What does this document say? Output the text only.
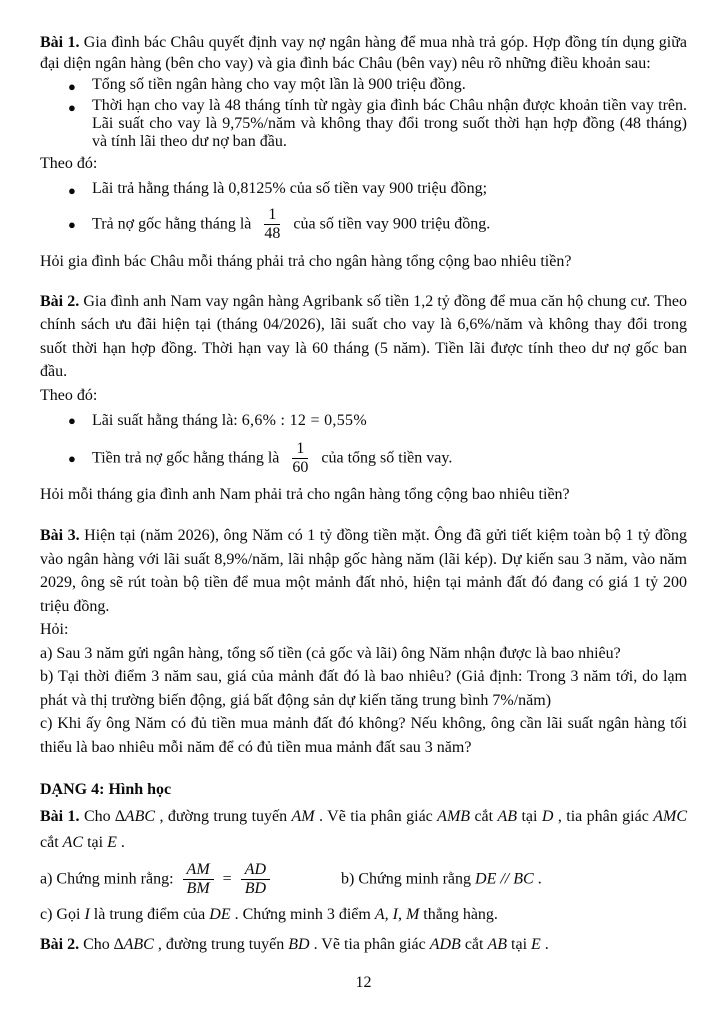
Bài 1. Gia đình bác Châu quyết định vay nợ ngân hàng để mua nhà trả góp. Hợp đồng tín dụng giữa đại diện ngân hàng (bên cho vay) và gia đình bác Châu (bên vay) nêu rõ những điều khoản sau:

●	Tổng số tiền ngân hàng cho vay một lần là 900 triệu đồng.

●	Thời hạn cho vay là 48 tháng tính từ ngày gia đình bác Châu nhận được khoản tiền vay trên. Lãi suất cho vay là 9,75%/năm và không thay đổi trong suốt thời hạn hợp đồng (48 tháng) và tính lãi theo dư nợ ban đầu.

Theo đó:

●	Lãi trả hằng tháng là 0,8125% của số tiền vay 900 triệu đồng;

●	Trả nợ gốc hằng tháng là $\frac{1}{48}$ của số tiền vay 900 triệu đồng.

Hỏi gia đình bác Châu mỗi tháng phải trả cho ngân hàng tổng cộng bao nhiêu tiền?

Bài 2. Gia đình anh Nam vay ngân hàng Agribank số tiền 1,2 tỷ đồng để mua căn hộ chung cư. Theo chính sách ưu đãi hiện tại (tháng 04/2026), lãi suất cho vay là 6,6%/năm và không thay đổi trong suốt thời hạn hợp đồng. Thời hạn vay là 60 tháng (5 năm). Tiền lãi được tính theo dư nợ gốc ban đầu.

Theo đó:

●	Lãi suất hằng tháng là: 6,6% : 12 = 0,55%

●	Tiền trả nợ gốc hằng tháng là $\frac{1}{60}$ của tổng số tiền vay.

Hỏi mỗi tháng gia đình anh Nam phải trả cho ngân hàng tổng cộng bao nhiêu tiền?

Bài 3. Hiện tại (năm 2026), ông Năm có 1 tỷ đồng tiền mặt. Ông đã gửi tiết kiệm toàn bộ 1 tỷ đồng vào ngân hàng với lãi suất 8,9%/năm, lãi nhập gốc hàng năm (lãi kép). Dự kiến sau 3 năm, vào năm 2029, ông sẽ rút toàn bộ tiền để mua một mảnh đất nhỏ, hiện tại mảnh đất đó đang có giá 1 tỷ 200 triệu đồng.

Hỏi:

a) Sau 3 năm gửi ngân hàng, tổng số tiền (cả gốc và lãi) ông Năm nhận được là bao nhiêu?

b) Tại thời điểm 3 năm sau, giá của mảnh đất đó là bao nhiêu? (Giả định: Trong 3 năm tới, do lạm phát và thị trường biến động, giá bất động sản dự kiến tăng trung bình 7%/năm)

c) Khi ấy ông Năm có đủ tiền mua mảnh đất đó không? Nếu không, ông cần lãi suất ngân hàng tối thiểu là bao nhiêu mỗi năm để có đủ tiền mua mảnh đất sau 3 năm?

DẠNG 4: Hình học

Bài 1. Cho ∆ABC , đường trung tuyến AM . Vẽ tia phân giác AMB cắt AB tại D , tia phân giác AMC cắt AC tại E .

a) Chứng minh rằng: $\frac{AM}{BM} = \frac{AD}{BD}$	b) Chứng minh rằng DE // BC .

c) Gọi I là trung điểm của DE . Chứng minh 3 điểm A, I, M thẳng hàng.

Bài 2. Cho ∆ABC , đường trung tuyến BD . Vẽ tia phân giác ADB cắt AB tại E .

12
